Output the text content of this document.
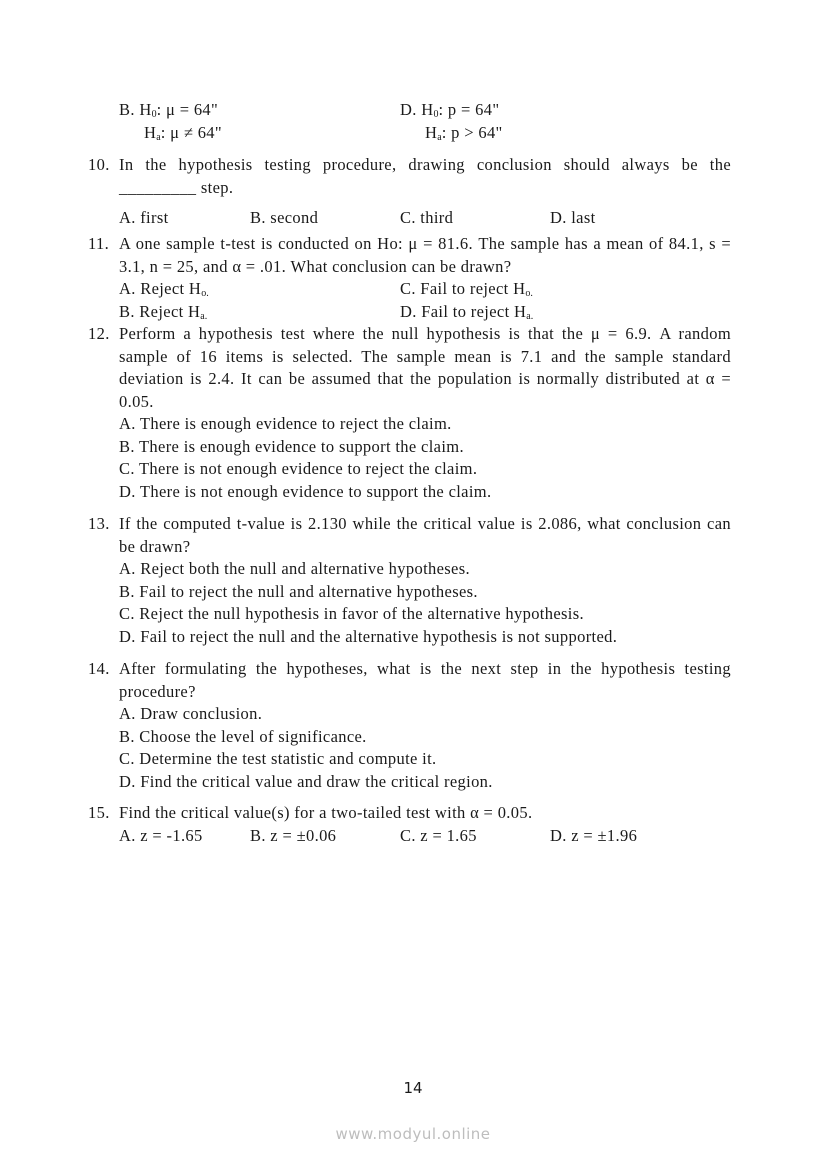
B. $H_0$: μ = 64"	D. $H_0$: p = 64"
$H_a$: μ ≠ 64"	$H_a$: p > 64"
10. In the hypothesis testing procedure, drawing conclusion should always be the _________ step.
A. first	B. second	C. third	D. last
11. A one sample t-test is conducted on Ho: μ = 81.6. The sample has a mean of 84.1, s = 3.1, n = 25, and α = .01. What conclusion can be drawn?
A. Reject $H_{o.}$	C. Fail to reject $H_{o.}$
B. Reject $H_{a.}$	D. Fail to reject $H_{a.}$
12. Perform a hypothesis test where the null hypothesis is that the μ = 6.9. A random sample of 16 items is selected. The sample mean is 7.1 and the sample standard deviation is 2.4. It can be assumed that the population is normally distributed at α = 0.05.
A. There is enough evidence to reject the claim.
B. There is enough evidence to support the claim.
C. There is not enough evidence to reject the claim.
D. There is not enough evidence to support the claim.
13. If the computed t-value is 2.130 while the critical value is 2.086, what conclusion can be drawn?
A. Reject both the null and alternative hypotheses.
B. Fail to reject the null and alternative hypotheses.
C. Reject the null hypothesis in favor of the alternative hypothesis.
D. Fail to reject the null and the alternative hypothesis is not supported.
14. After formulating the hypotheses, what is the next step in the hypothesis testing procedure?
A. Draw conclusion.
B. Choose the level of significance.
C. Determine the test statistic and compute it.
D. Find the critical value and draw the critical region.
15. Find the critical value(s) for a two-tailed test with α = 0.05.
A. z = -1.65	B. z = ±0.06	C. z = 1.65	D. z = ±1.96
14
www.modyul.online
